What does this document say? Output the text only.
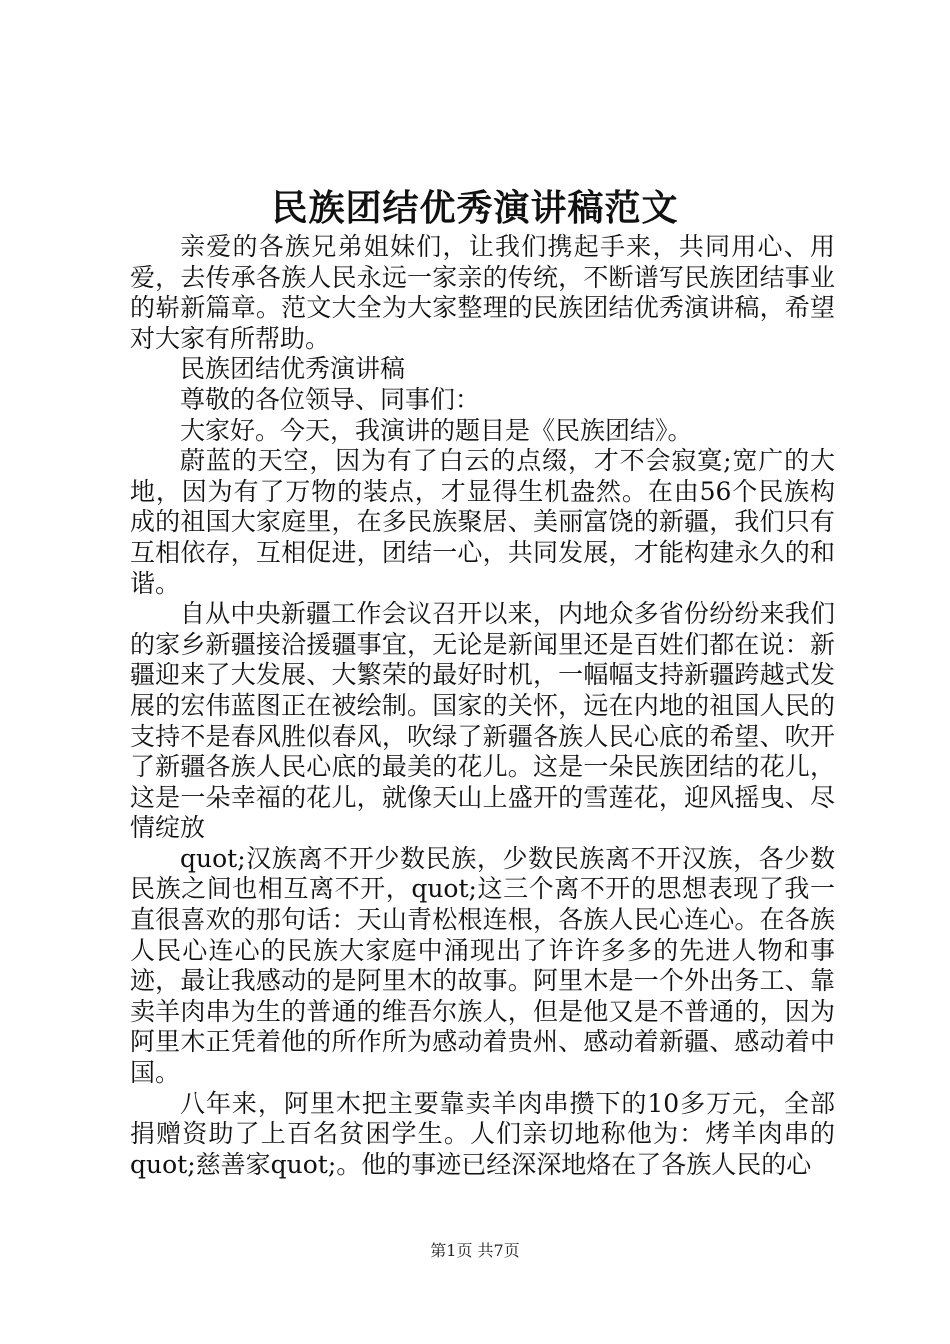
民族团结优秀演讲稿范文

亲爱的各族兄弟姐妹们，让我们携起手来，共同用心、用爱，去传承各族人民永远一家亲的传统，不断谱写民族团结事业的崭新篇章。范文大全为大家整理的民族团结优秀演讲稿，希望对大家有所帮助。

民族团结优秀演讲稿

尊敬的各位领导、同事们：

大家好。今天，我演讲的题目是《民族团结》。

蔚蓝的天空，因为有了白云的点缀，才不会寂寞;宽广的大地，因为有了万物的装点，才显得生机盎然。在由56个民族构成的祖国大家庭里，在多民族聚居、美丽富饶的新疆，我们只有互相依存，互相促进，团结一心，共同发展，才能构建永久的和谐。

自从中央新疆工作会议召开以来，内地众多省份纷纷来我们的家乡新疆接洽援疆事宜，无论是新闻里还是百姓们都在说：新疆迎来了大发展、大繁荣的最好时机，一幅幅支持新疆跨越式发展的宏伟蓝图正在被绘制。国家的关怀，远在内地的祖国人民的支持不是春风胜似春风，吹绿了新疆各族人民心底的希望、吹开了新疆各族人民心底的最美的花儿。这是一朵民族团结的花儿，这是一朵幸福的花儿，就像天山上盛开的雪莲花，迎风摇曳、尽情绽放

quot;汉族离不开少数民族，少数民族离不开汉族，各少数民族之间也相互离不开，quot;这三个离不开的思想表现了我一直很喜欢的那句话：天山青松根连根，各族人民心连心。在各族人民心连心的民族大家庭中涌现出了许许多多的先进人物和事迹，最让我感动的是阿里木的故事。阿里木是一个外出务工、靠卖羊肉串为生的普通的维吾尔族人，但是他又是不普通的，因为阿里木正凭着他的所作所为感动着贵州、感动着新疆、感动着中国。

八年来，阿里木把主要靠卖羊肉串攒下的10多万元，全部捐赠资助了上百名贫困学生。人们亲切地称他为：烤羊肉串的quot;慈善家quot;。他的事迹已经深深地烙在了各族人民的心

第1页 共7页
